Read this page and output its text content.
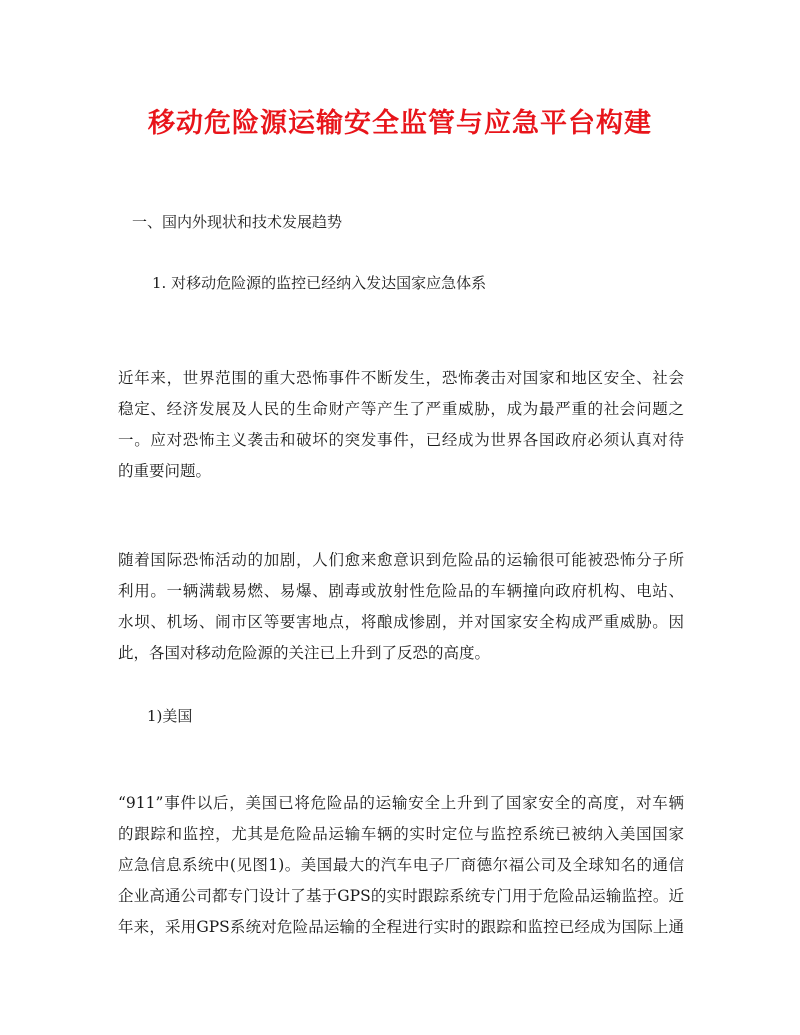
移动危险源运输安全监管与应急平台构建
一、国内外现状和技术发展趋势
1. 对移动危险源的监控已经纳入发达国家应急体系
近年来，世界范围的重大恐怖事件不断发生，恐怖袭击对国家和地区安全、社会
稳定、经济发展及人民的生命财产等产生了严重威胁，成为最严重的社会问题之
一。应对恐怖主义袭击和破坏的突发事件，已经成为世界各国政府必须认真对待
的重要问题。
随着国际恐怖活动的加剧，人们愈来愈意识到危险品的运输很可能被恐怖分子所
利用。一辆满载易燃、易爆、剧毒或放射性危险品的车辆撞向政府机构、电站、
水坝、机场、闹市区等要害地点，将酿成惨剧，并对国家安全构成严重威胁。因
此，各国对移动危险源的关注已上升到了反恐的高度。
1)美国
“911”事件以后，美国已将危险品的运输安全上升到了国家安全的高度，对车辆
的跟踪和监控，尤其是危险品运输车辆的实时定位与监控系统已被纳入美国国家
应急信息系统中(见图1)。美国最大的汽车电子厂商德尔福公司及全球知名的通信
企业高通公司都专门设计了基于GPS的实时跟踪系统专门用于危险品运输监控。近
年来，采用GPS系统对危险品运输的全程进行实时的跟踪和监控已经成为国际上通
